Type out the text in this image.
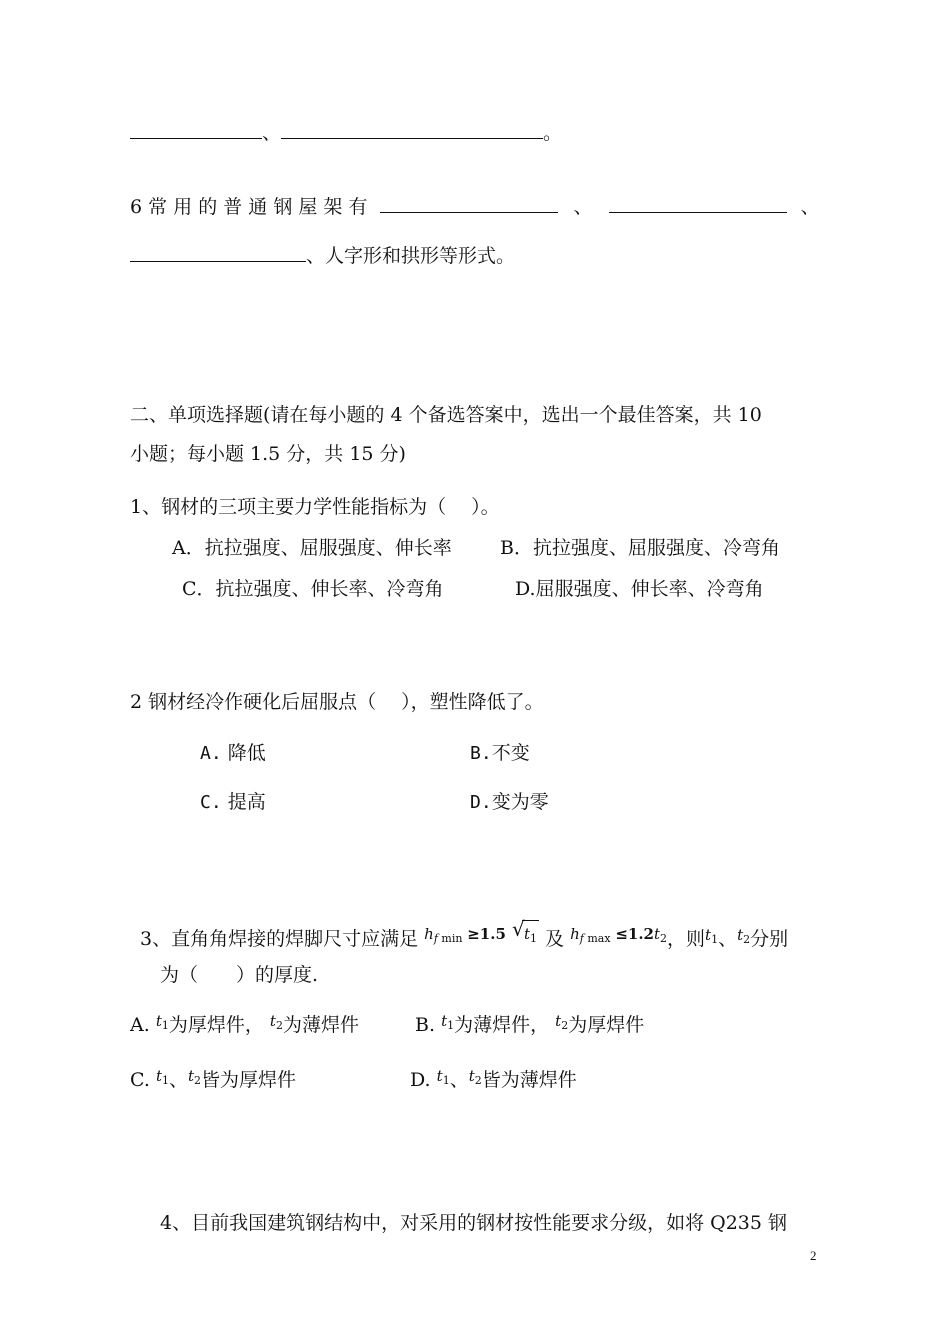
、	。
6 常 用 的 普 通 钢 屋 架 有	、	、
、人字形和拱形等形式。
二、单项选择题(请在每小题的 4 个备选答案中，选出一个最佳答案，共 10
小题；每小题 1.5 分，共 15 分)
1、钢材的三项主要力学性能指标为（　 ）。
A．抗拉强度、屈服强度、伸长率	B．抗拉强度、屈服强度、冷弯角
C．抗拉强度、伸长率、冷弯角	D.屈服强度、伸长率、冷弯角
2 钢材经冷作硬化后屈服点（　 ），塑性降低了。
A. 降低	B.不变
C. 提高	D.变为零
3、直角角焊接的焊脚尺寸应满足 $^{h_{f min}}$ $^{\ge 1.5}$ √ $t_1$ 及 $^{h_{f max}}$ $^{\le 1.2t_2}$，则$^{t_1}$、$^{t_2}$分别
为（　　）的厚度.
A. $^{t_1}$为厚焊件， $^{t_2}$为薄焊件	B. $^{t_1}$为薄焊件， $^{t_2}$为厚焊件
C. $^{t_1}$、$^{t_2}$皆为厚焊件	D. $^{t_1}$、$^{t_2}$皆为薄焊件
4、目前我国建筑钢结构中，对采用的钢材按性能要求分级，如将 Q235 钢
2
